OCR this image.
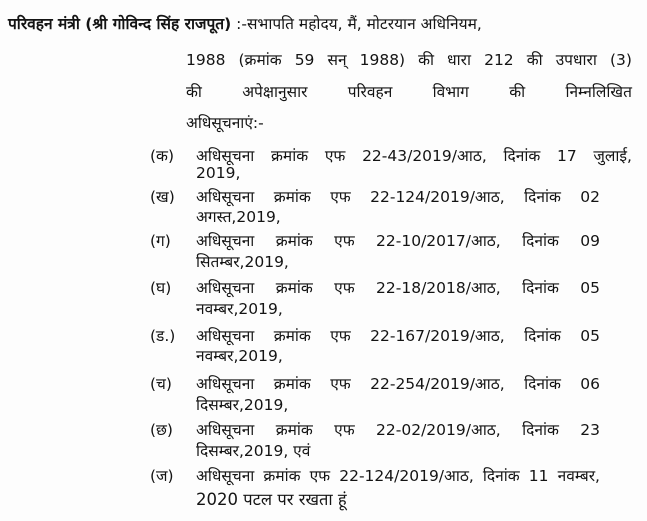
परिवहन मंत्री (श्री गोविन्द सिंह राजपूत) :-सभापति महोदय, मैं, मोटरयान अधिनियम,
1988 (क्रमांक 59 सन् 1988) की धारा 212 की उपधारा (3)
की	अपेक्षानुसार	परिवहन	विभाग	की	निम्नलिखित
अधिसूचनाएं:-
(क) अधिसूचना क्रमांक एफ 22-43/2019/आठ, दिनांक 17 जुलाई,
2019,
(ख) अधिसूचना क्रमांक एफ 22-124/2019/आठ, दिनांक 02
अगस्त,2019,
(ग) अधिसूचना क्रमांक एफ 22-10/2017/आठ, दिनांक 09
सितम्बर,2019,
(घ) अधिसूचना क्रमांक एफ 22-18/2018/आठ, दिनांक 05
नवम्बर,2019,
(ड.) अधिसूचना क्रमांक एफ 22-167/2019/आठ, दिनांक 05
नवम्बर,2019,
(च) अधिसूचना क्रमांक एफ 22-254/2019/आठ, दिनांक 06
दिसम्बर,2019,
(छ) अधिसूचना क्रमांक एफ 22-02/2019/आठ, दिनांक 23
दिसम्बर,2019, एवं
(ज) अधिसूचना क्रमांक एफ 22-124/2019/आठ, दिनांक 11 नवम्बर,
2020 पटल पर रखता हूं
